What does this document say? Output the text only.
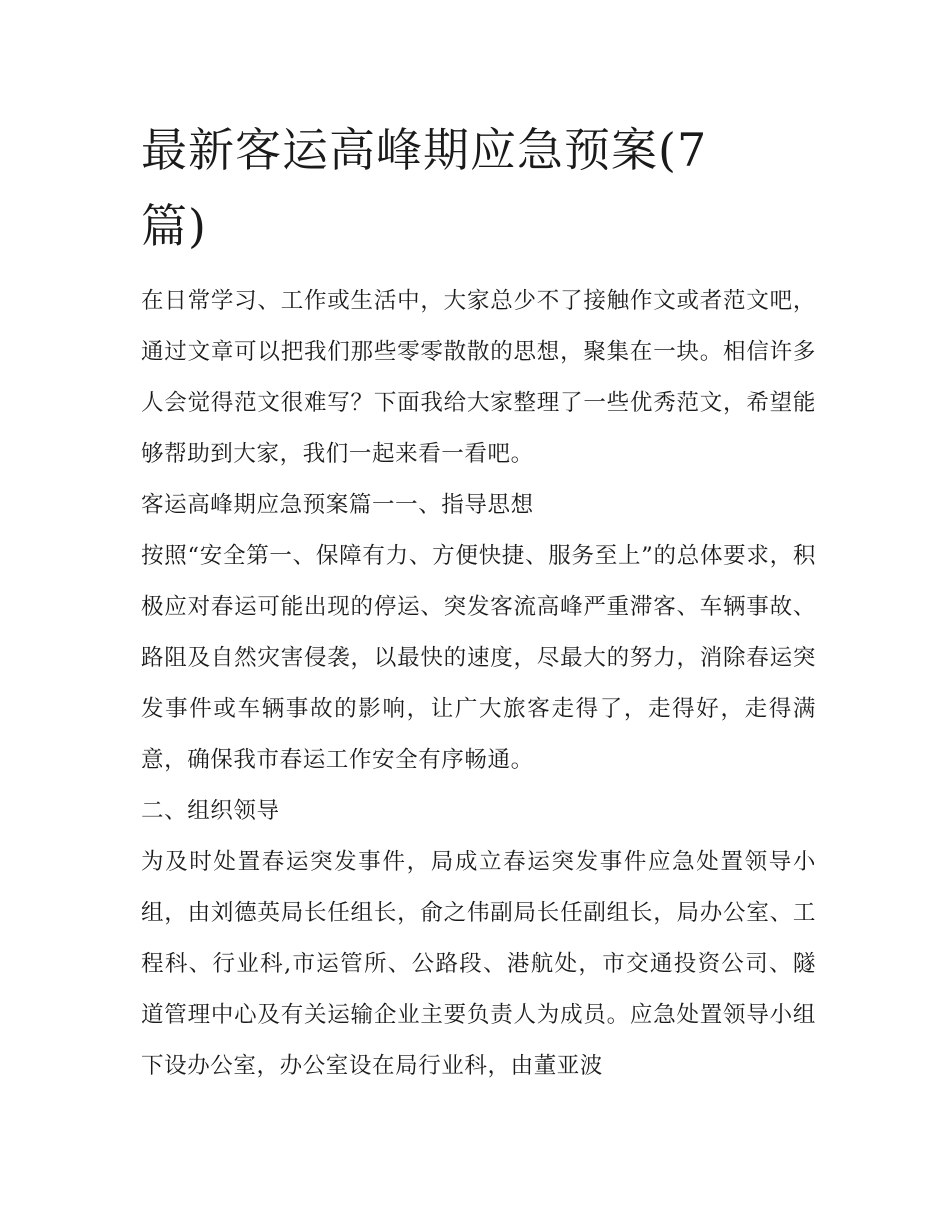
最新客运高峰期应急预案(7篇)

在日常学习、工作或生活中，大家总少不了接触作文或者范文吧，通过文章可以把我们那些零零散散的思想，聚集在一块。相信许多人会觉得范文很难写？下面我给大家整理了一些优秀范文，希望能够帮助到大家，我们一起来看一看吧。

客运高峰期应急预案篇一一、指导思想

按照“安全第一、保障有力、方便快捷、服务至上”的总体要求，积极应对春运可能出现的停运、突发客流高峰严重滞客、车辆事故、路阻及自然灾害侵袭，以最快的速度，尽最大的努力，消除春运突发事件或车辆事故的影响，让广大旅客走得了，走得好，走得满意，确保我市春运工作安全有序畅通。

二、组织领导

为及时处置春运突发事件，局成立春运突发事件应急处置领导小组，由刘德英局长任组长，俞之伟副局长任副组长，局办公室、工程科、行业科,市运管所、公路段、港航处，市交通投资公司、隧道管理中心及有关运输企业主要负责人为成员。应急处置领导小组下设办公室，办公室设在局行业科，由董亚波
